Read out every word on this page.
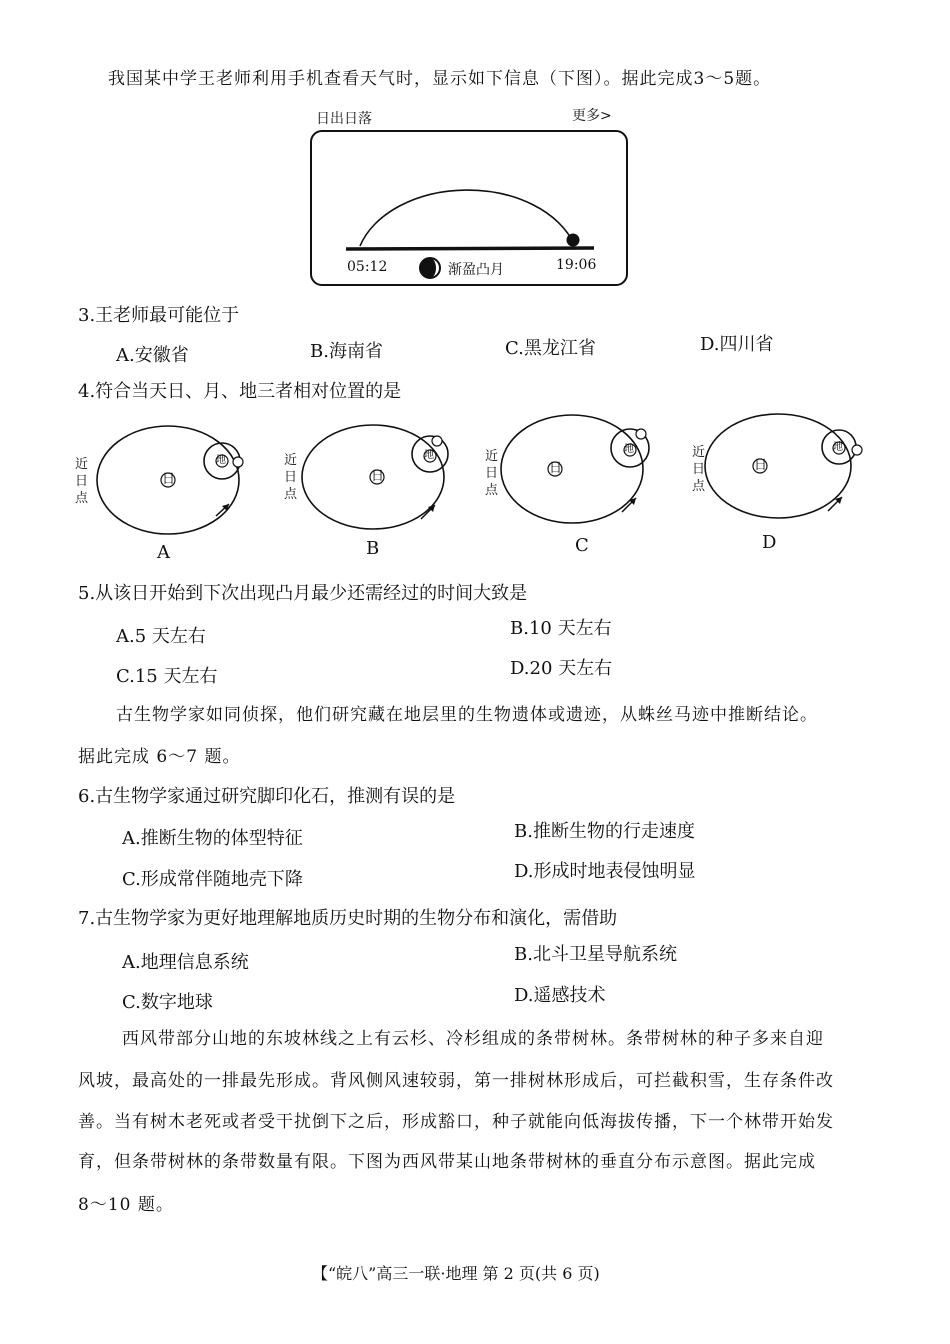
我国某中学王老师利用手机查看天气时，显示如下信息（下图）。据此完成3～5题。
日出日落	更多>
05:12	渐盈凸月	19:06
3.王老师最可能位于
A.安徽省	B.海南省	C.黑龙江省	D.四川省
4.符合当天日、月、地三者相对位置的是
日
地
近
日
点
A
日
地
近
日
点
B
日
地
近
日
点
C
日
地
近
日
点
D
5.从该日开始到下次出现凸月最少还需经过的时间大致是
A.5 天左右	B.10 天左右
C.15 天左右	D.20 天左右
古生物学家如同侦探，他们研究藏在地层里的生物遗体或遗迹，从蛛丝马迹中推断结论。
据此完成 6～7 题。
6.古生物学家通过研究脚印化石，推测有误的是
A.推断生物的体型特征	B.推断生物的行走速度
C.形成常伴随地壳下降	D.形成时地表侵蚀明显
7.古生物学家为更好地理解地质历史时期的生物分布和演化，需借助
A.地理信息系统	B.北斗卫星导航系统
C.数字地球	D.遥感技术
西风带部分山地的东坡林线之上有云杉、冷杉组成的条带树林。条带树林的种子多来自迎
风坡，最高处的一排最先形成。背风侧风速较弱，第一排树林形成后，可拦截积雪，生存条件改
善。当有树木老死或者受干扰倒下之后，形成豁口，种子就能向低海拔传播，下一个林带开始发
育，但条带树林的条带数量有限。下图为西风带某山地条带树林的垂直分布示意图。据此完成
8～10 题。
【“皖八”高三一联·地理 第 2 页(共 6 页)
